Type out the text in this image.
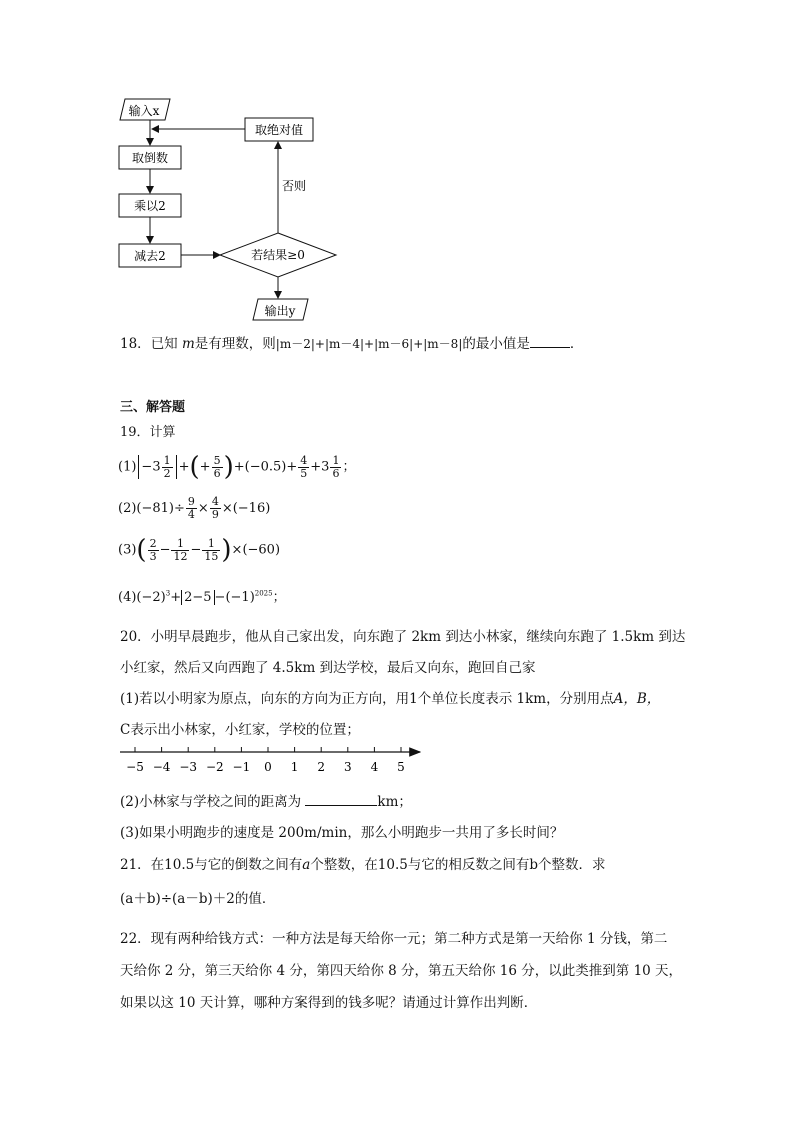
输入x
取倒数
乘以2
减去2	若结果≥0
输出y
否则
取绝对值
18．已知 m是有理数，则|m－2|+|m－4|+|m－6|+|m－8|的最小值是	．
三、解答题
19．计算
$(1) -3 \frac{1}{2}$ +(+ $\frac{5}{6} )+(-0.5)+ \frac{4}{5} +3 \frac{1}{6}$ ；
$(2)(-81)\div \frac{9}{4} \times \frac{4}{9} \times(-16)$
$(3)( \frac{2}{3} - \frac{1}{12} - \frac{1}{15} )\times(-60)$
$(4)(-2)^3+ 2-5 -(-1)^{2025}$；
20．小明早晨跑步，他从自己家出发，向东跑了 2km 到达小林家，继续向东跑了 1.5km 到达
小红家，然后又向西跑了 4.5km 到达学校，最后又向东，跑回自己家
(1)若以小明家为原点，向东的方向为正方向，用1个单位长度表示 1km，分别用点A，B，
C表示出小林家，小红家，学校的位置；
−5 −4 −3 −2 −1 0 1 2 3 4 5
(2)小林家与学校之间的距离为	km；
(3)如果小明跑步的速度是 200m/min，那么小明跑步一共用了多长时间？
21．在10.5与它的倒数之间有a个整数，在10.5与它的相反数之间有b个整数．求
(a＋b)÷(a－b)＋2的值．
22．现有两种给钱方式：一种方法是每天给你一元；第二种方式是第一天给你 1 分钱，第二
天给你 2 分，第三天给你 4 分，第四天给你 8 分，第五天给你 16 分，以此类推到第 10 天，
如果以这 10 天计算，哪种方案得到的钱多呢？请通过计算作出判断．
